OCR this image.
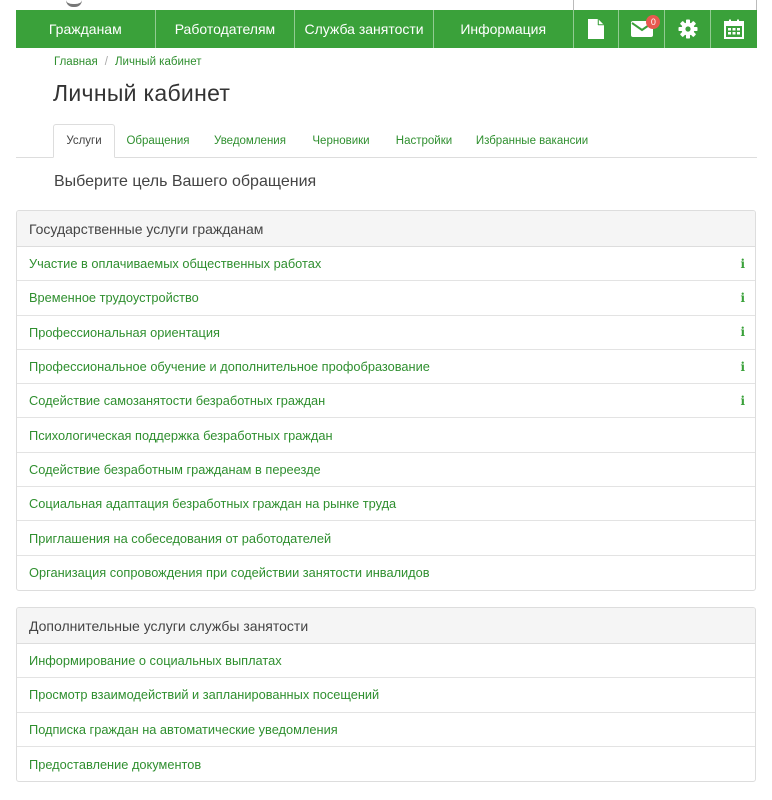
Гражданам	Работодателям	Служба занятости	Информация	0
Главная / Личный кабинет
Личный кабинет
Услуги	Обращения	Уведомления	Черновики	Настройки	Избранные вакансии
Выберите цель Вашего обращения
Государственные услуги гражданам
Участие в оплачиваемых общественных работах	i
Временное трудоустройство	i
Профессиональная ориентация	i
Профессиональное обучение и дополнительное профобразование	i
Содействие самозанятости безработных граждан	i
Психологическая поддержка безработных граждан
Содействие безработным гражданам в переезде
Социальная адаптация безработных граждан на рынке труда
Приглашения на собеседования от работодателей
Организация сопровождения при содействии занятости инвалидов
Дополнительные услуги службы занятости
Информирование о социальных выплатах
Просмотр взаимодействий и запланированных посещений
Подписка граждан на автоматические уведомления
Предоставление документов
